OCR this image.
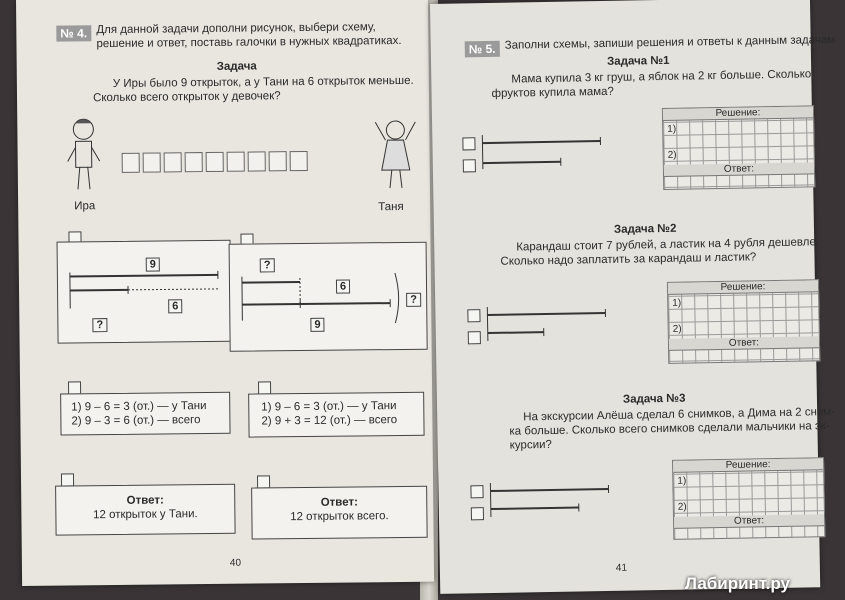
№ 4. Для данной задачи дополни рисунок, выбери схему, решение и ответ, поставь галочки в нужных квадратиках.
Задача
У Иры было 9 открыток, а у Тани на 6 открыток меньше.
Сколько всего открыток у девочек?
Ира	Таня
9
6
?
?
6
9
?
1) 9 – 6 = 3 (от.) — у Тани
2) 9 – 3 = 6 (от.) — всего
1) 9 – 6 = 3 (от.) — у Тани
2) 9 + 3 = 12 (от.) — всего
Ответ:
12 открыток у Тани.
Ответ:
12 открыток всего.
40
№ 5. Заполни схемы, запиши решения и ответы к данным задачам
Задача №1
Мама купила 3 кг груш, а яблок на 2 кг больше. Сколько
фруктов купила мама?
Решение:
1)
2)
Ответ:
Задача №2
Карандаш стоит 7 рублей, а ластик на 4 рубля дешевле.
Сколько надо заплатить за карандаш и ластик?
Решение:
1)
2)
Ответ:
Задача №3
На экскурсии Алёша сделал 6 снимков, а Дима на 2 сним-
ка больше. Сколько всего снимков сделали мальчики на эк-
курсии?
Решение:
1)
2)
Ответ:
41
Лабиринт.ру
